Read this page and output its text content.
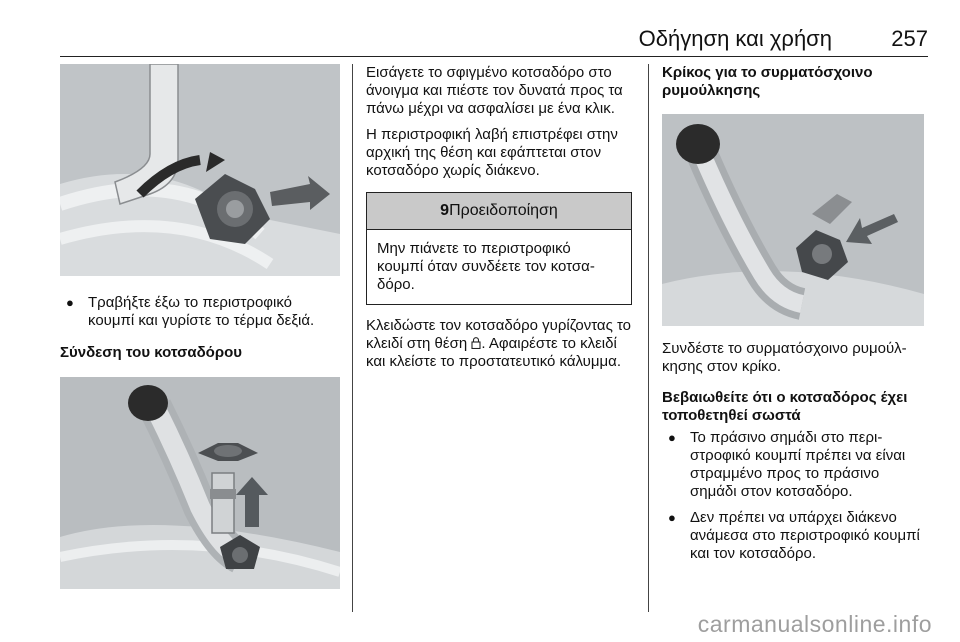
Οδήγηση και χρήση	257
● Τραβήξτε έξω το περιστροφικό κουμπί και γυρίστε το τέρμα δεξιά.
Σύνδεση του κοτσαδόρου

Εισάγετε το σφιγμένο κοτσαδόρο στο άνοιγμα και πιέστε τον δυνατά προς τα πάνω μέχρι να ασφαλίσει με ένα κλικ.

Η περιστροφική λαβή επιστρέφει στην αρχική της θέση και εφάπτεται στον κοτσαδόρο χωρίς διάκενο.

9Προειδοποίηση
Μην πιάνετε το περιστροφικό κουμπί όταν συνδέετε τον κοτσα-δόρο.

Κλειδώστε τον κοτσαδόρο γυρίζοντας το κλειδί στη θέση . Αφαιρέστε το κλειδί και κλείστε το προστατευτικό κάλυμμα.

Κρίκος για το συρματόσχοινο ρυμούλκησης

Συνδέστε το συρματόσχοινο ρυμούλ-κησης στον κρίκο.

Βεβαιωθείτε ότι ο κοτσαδόρος έχει τοποθετηθεί σωστά
● Το πράσινο σημάδι στο περι-στροφικό κουμπί πρέπει να είναι στραμμένο προς το πράσινο σημάδι στον κοτσαδόρο.
● Δεν πρέπει να υπάρχει διάκενο ανάμεσα στο περιστροφικό κουμπί και τον κοτσαδόρο.
carmanualsonline.info
